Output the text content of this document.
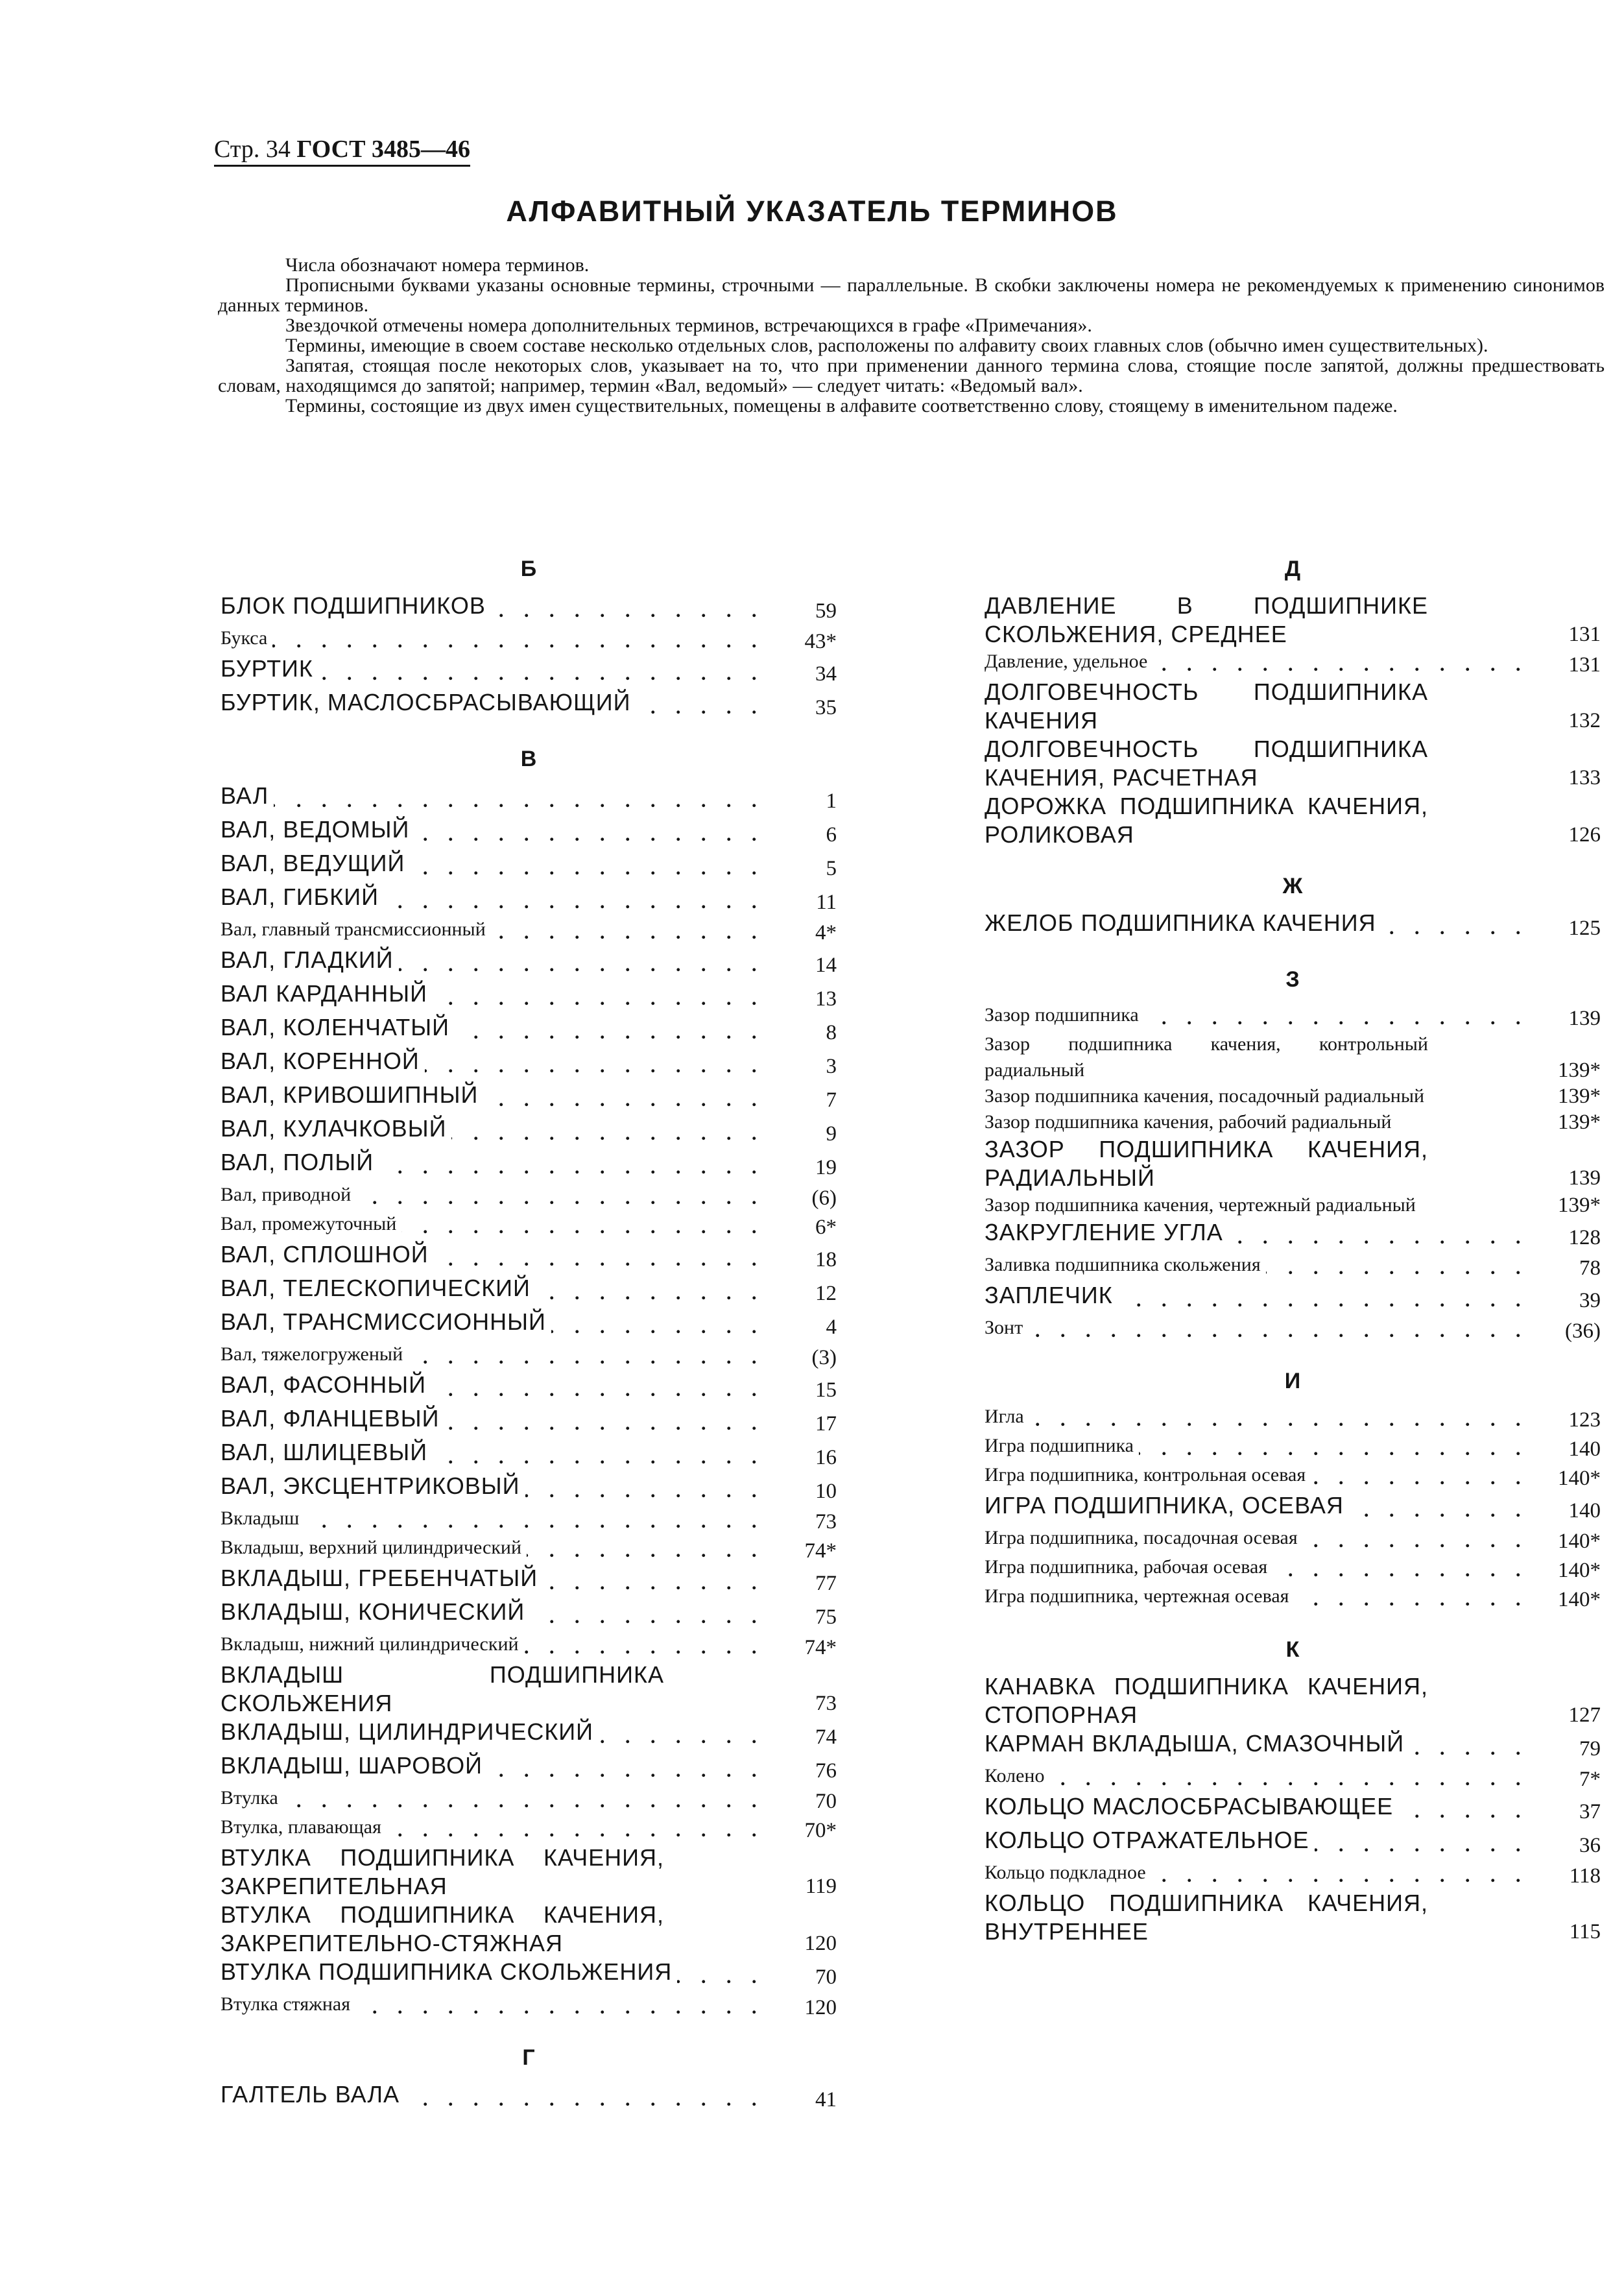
Стр. 34 ГОСТ 3485—46
АЛФАВИТНЫЙ УКАЗАТЕЛЬ ТЕРМИНОВ

Числа обозначают номера терминов.

Прописными буквами указаны основные термины, строчными — параллельные. В скобки заключены номера не рекомендуемых к применению синонимов данных терминов.

Звездочкой отмечены номера дополнительных терминов, встречающихся в графе «Примечания».

Термины, имеющие в своем составе несколько отдельных слов, расположены по алфавиту своих главных слов (обычно имен существительных).

Запятая, стоящая после некоторых слов, указывает на то, что при применении данного термина слова, стоящие после запятой, должны предшествовать словам, находящимся до запятой; например, термин «Вал, ведомый» — следует читать: «Ведомый вал».

Термины, состоящие из двух имен существительных, помещены в алфавите соответственно слову, стоящему в именительном падеже.

Б
БЛОК ПОДШИПНИКОВ . . .	59
Букса . . .	43*
БУРТИК . . .	34
БУРТИК, МАСЛОСБРАСЫВАЮЩИЙ . . .	35
В
ВАЛ . . .	1
ВАЛ, ВЕДОМЫЙ . . .	6
ВАЛ, ВЕДУЩИЙ . . .	5
ВАЛ, ГИБКИЙ . . .	11
Вал, главный трансмиссионный . . .	4*
ВАЛ, ГЛАДКИЙ . . .	14
ВАЛ КАРДАННЫЙ . . .	13
ВАЛ, КОЛЕНЧАТЫЙ . . .	8
ВАЛ, КОРЕННОЙ . . .	3
ВАЛ, КРИВОШИПНЫЙ . . .	7
ВАЛ, КУЛАЧКОВЫЙ . . .	9
ВАЛ, ПОЛЫЙ . . .	19
Вал, приводной . . .	(6)
Вал, промежуточный . . .	6*
ВАЛ, СПЛОШНОЙ . . .	18
ВАЛ, ТЕЛЕСКОПИЧЕСКИЙ . . .	12
ВАЛ, ТРАНСМИССИОННЫЙ . . .	4
Вал, тяжелогруженый . . .	(3)
ВАЛ, ФАСОННЫЙ . . .	15
ВАЛ, ФЛАНЦЕВЫЙ . . .	17
ВАЛ, ШЛИЦЕВЫЙ . . .	16
ВАЛ, ЭКСЦЕНТРИКОВЫЙ . . .	10
Вкладыш . . .	73
Вкладыш, верхний цилиндрический . . .	74*
ВКЛАДЫШ, ГРЕБЕНЧАТЫЙ . . .	77
ВКЛАДЫШ, КОНИЧЕСКИЙ . . .	75
Вкладыш, нижний цилиндрический . . .	74*
ВКЛАДЫШ ПОДШИПНИКА СКОЛЬЖЕНИЯ	73
ВКЛАДЫШ, ЦИЛИНДРИЧЕСКИЙ . . .	74
ВКЛАДЫШ, ШАРОВОЙ . . .	76
Втулка . . .	70
Втулка, плавающая . . .	70*
ВТУЛКА ПОДШИПНИКА КАЧЕНИЯ, ЗАКРЕПИТЕЛЬНАЯ	119
ВТУЛКА ПОДШИПНИКА КАЧЕНИЯ, ЗАКРЕПИТЕЛЬНО-СТЯЖНАЯ	120
ВТУЛКА ПОДШИПНИКА СКОЛЬЖЕНИЯ . . .	70
Втулка стяжная . . .	120
Г
ГАЛТЕЛЬ ВАЛА . . .	41
Д
ДАВЛЕНИЕ В ПОДШИПНИКЕ СКОЛЬЖЕНИЯ, СРЕДНЕЕ	131
Давление, удельное . . .	131
ДОЛГОВЕЧНОСТЬ ПОДШИПНИКА КАЧЕНИЯ	132
ДОЛГОВЕЧНОСТЬ ПОДШИПНИКА КАЧЕНИЯ, РАСЧЕТНАЯ	133
ДОРОЖКА ПОДШИПНИКА КАЧЕНИЯ, РОЛИКОВАЯ	126
Ж
ЖЕЛОБ ПОДШИПНИКА КАЧЕНИЯ . . .	125
З
Зазор подшипника . . .	139
Зазор подшипника качения, контрольный радиальный	139*
Зазор подшипника качения, посадочный радиальный	139*
Зазор подшипника качения, рабочий радиальный	139*
ЗАЗОР ПОДШИПНИКА КАЧЕНИЯ, РАДИАЛЬНЫЙ	139
Зазор подшипника качения, чертежный радиальный	139*
ЗАКРУГЛЕНИЕ УГЛА . . .	128
Заливка подшипника скольжения . . .	78
ЗАПЛЕЧИК . . .	39
Зонт . . .	(36)
И
Игла . . .	123
Игра подшипника . . .	140
Игра подшипника, контрольная осевая . . .	140*
ИГРА ПОДШИПНИКА, ОСЕВАЯ . . .	140
Игра подшипника, посадочная осевая . . .	140*
Игра подшипника, рабочая осевая . . .	140*
Игра подшипника, чертежная осевая . . .	140*
К
КАНАВКА ПОДШИПНИКА КАЧЕНИЯ, СТОПОРНАЯ	127
КАРМАН ВКЛАДЫША, СМАЗОЧНЫЙ . . .	79
Колено . . .	7*
КОЛЬЦО МАСЛОСБРАСЫВАЮЩЕЕ . . .	37
КОЛЬЦО ОТРАЖАТЕЛЬНОЕ . . .	36
Кольцо подкладное . . .	118
КОЛЬЦО ПОДШИПНИКА КАЧЕНИЯ, ВНУТРЕННЕЕ	115
